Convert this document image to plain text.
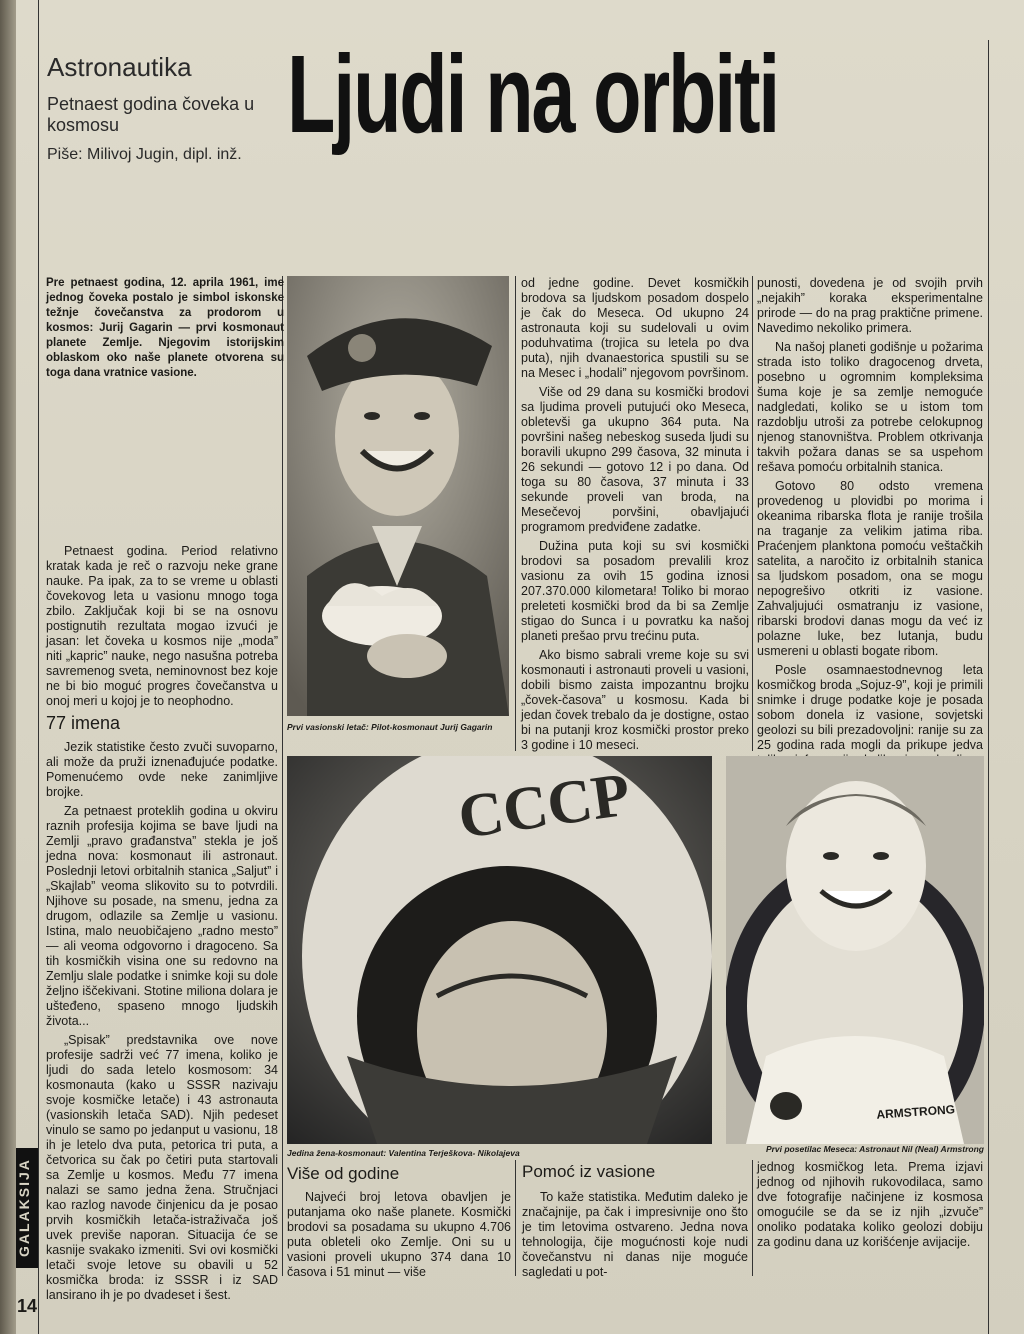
Astronautika
Petnaest godina čoveka u kosmosu
Piše: Milivoj Jugin, dipl. inž. Ljudi na orbiti
Pre petnaest godina, 12. aprila 1961, ime jednog čoveka postalo je simbol iskonske težnje čovečanstva za prodorom u kosmos: Jurij Gagarin — prvi kosmonaut planete Zemlje. Njegovim istorijskim oblaskom oko naše planete otvorena su toga dana vratnice vasione.

Petnaest godina. Period relativno kratak kada je reč o razvoju neke grane nauke. Pa ipak, za to se vreme u oblasti čovekovog leta u vasionu mnogo toga zbilo. Zaključak koji bi se na osnovu postignutih rezultata mogao izvući je jasan: let čoveka u kosmos nije „moda” niti „kapric” nauke, nego nasušna potreba savremenog sveta, neminovnost bez koje ne bi bio moguć progres čovečanstva u onoj meri u kojoj je to neophodno.

77 imena

Jezik statistike često zvuči suvoparno, ali može da pruži iznenađujuće podatke. Pomenućemo ovde neke zanimljive brojke.

Za petnaest proteklih godina u okviru raznih profesija kojima se bave ljudi na Zemlji „pravo građanstva” stekla je još jedna nova: kosmonaut ili astronaut. Poslednji letovi orbitalnih stanica „Saljut” i „Skajlab” veoma slikovito su to potvrdili. Njihove su posade, na smenu, jedna za drugom, odlazile sa Zemlje u vasionu. Istina, malo neuobičajeno „radno mesto” — ali veoma odgovorno i dragoceno. Sa tih kosmičkih visina one su redovno na Zemlju slale podatke i snimke koji su dole željno iščekivani. Stotine miliona dolara je ušteđeno, spaseno mnogo ljudskih života...

„Spisak” predstavnika ove nove profesije sadrži već 77 imena, koliko je ljudi do sada letelo kosmosom: 34 kosmonauta (kako u SSSR nazivaju svoje kosmičke letače) i 43 astronauta (vasionskih letača SAD). Njih pedeset vinulo se samo po jedanput u vasionu, 18 ih je letelo dva puta, petorica tri puta, a četvorica su čak po četiri puta startovali sa Zemlje u kosmos. Među 77 imena nalazi se samo jedna žena. Stručnjaci kao razlog navode činjenicu da je posao prvih kosmičkih letača-istraživača još uvek previše naporan. Situacija će se kasnije svakako izmeniti. Svi ovi kosmički letači svoje letove su obavili u 52 kosmička broda: iz SSSR i iz SAD lansirano ih je po dvadeset i šest.

Prvi vasionski letač: Pilot-kosmonaut Jurij Gagarin

od jedne godine. Devet kosmičkih brodova sa ljudskom posadom dospelo je čak do Meseca. Od ukupno 24 astronauta koji su sudelovali u ovim poduhvatima (trojica su letela po dva puta), njih dvanaestorica spustili su se na Mesec i „hodali” njegovom površinom.

Više od 29 dana su kosmički brodovi sa ljudima proveli putujući oko Meseca, obletevši ga ukupno 364 puta. Na površini našeg nebeskog suseda ljudi su boravili ukupno 299 časova, 32 minuta i 26 sekundi — gotovo 12 i po dana. Od toga su 80 časova, 37 minuta i 33 sekunde proveli van broda, na Mesečevoj porvšini, obavljajući programom predviđene zadatke.

Dužina puta koji su svi kosmički brodovi sa posadom prevalili kroz vasionu za ovih 15 godina iznosi 207.370.000 kilometara! Toliko bi morao preleteti kosmički brod da bi sa Zemlje stigao do Sunca i u povratku ka našoj planeti prešao prvu trećinu puta.

Ako bismo sabrali vreme koje su svi kosmonauti i astronauti proveli u vasioni, dobili bismo zaista impozantnu brojku „čovek-časova” u kosmosu. Kada bi jedan čovek trebalo da je dostigne, ostao bi na putanji kroz kosmički prostor preko 3 godine i 10 meseci.

punosti, dovedena je od svojih prvih „nejakih” koraka eksperimentalne prirode — do na prag praktične primene. Navedimo nekoliko primera.

Na našoj planeti godišnje u požarima strada isto toliko dragocenog drveta, posebno u ogromnim kompleksima šuma koje je sa zemlje nemoguće nadgledati, koliko se u istom tom razdoblju utroši za potrebe celokupnog njenog stanovništva. Problem otkrivanja takvih požara danas se sa uspehom rešava pomoću orbitalnih stanica.

Gotovo 80 odsto vremena provedenog u plovidbi po morima i okeanima ribarska flota je ranije trošila na traganje za velikim jatima riba. Praćenjem planktona pomoću veštačkih satelita, a naročito iz orbitalnih stanica sa ljudskom posadom, ona se mogu nepogrešivo otkriti iz vasione. Zahvaljujući osmatranju iz vasione, ribarski brodovi danas mogu da već iz polazne luke, bez lutanja, budu usmereni u oblasti bogate ribom.

Posle osamnaestodnevnog leta kosmičkog broda „Sojuz-9”, koji je primili snimke i druge podatke koje je posada sobom donela iz vasione, sovjetski geolozi su bili prezadovoljni: ranije su za 25 godina rada mogli da prikupe jedva

CCCP
Jedina žena-kosmonaut: Valentina Terješkova- Nikolajeva
ARMSTRONG
Prvi posetilac Meseca: Astronaut Nil (Neal) Armstrong
Više od godine

Najveći broj letova obavljen je putanjama oko naše planete. Kosmički brodovi sa posadama su ukupno 4.706 puta obleteli oko Zemlje. Oni su u vasioni proveli ukupno 374 dana 10 časova i 51 minut — više

Pomoć iz vasione

To kaže statistika. Međutim daleko je značajnije, pa čak i impresivnije ono što je tim letovima ostvareno. Jedna nova tehnologija, čije mogućnosti koje nudi čovečanstvu ni danas nije moguće sagledati u pot-

jednog kosmičkog leta. Prema izjavi jednog od njihovih rukovodilaca, samo dve fotografije načinjene iz kosmosa omogućile se da se iz njih „izvuče” onoliko podataka koliko geolozi dobiju za godinu dana uz korišćenje avijacije.

GALAKSIJA
14
